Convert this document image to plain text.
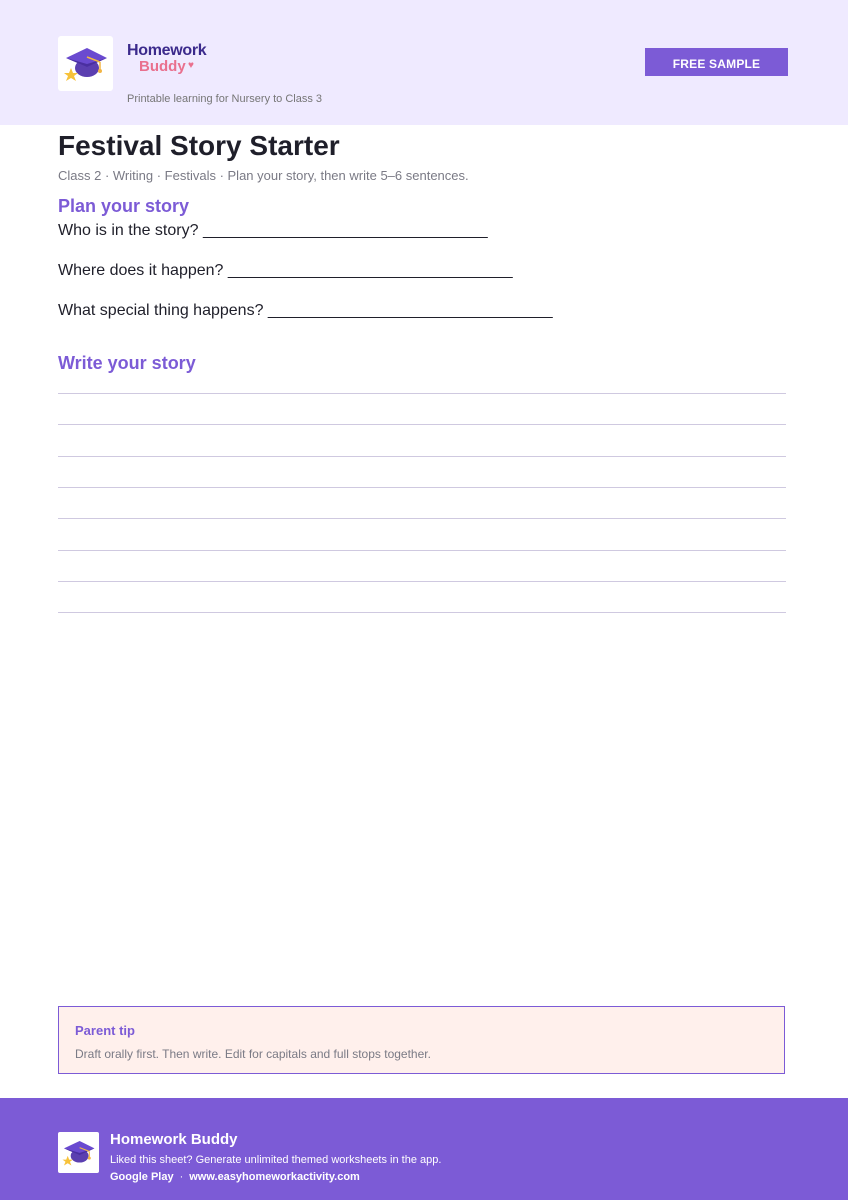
Homework
Buddy ♥
Printable learning for Nursery to Class 3
FREE SAMPLE
Festival Story Starter
Class 2 · Writing · Festivals · Plan your story, then write 5–6 sentences.
Plan your story
Who is in the story? ________________________________
Where does it happen? ________________________________
What special thing happens? ________________________________
Write your story
Parent tip
Draft orally first. Then write. Edit for capitals and full stops together.
Homework Buddy
Liked this sheet? Generate unlimited themed worksheets in the app.
Google Play · www.easyhomeworkactivity.com
